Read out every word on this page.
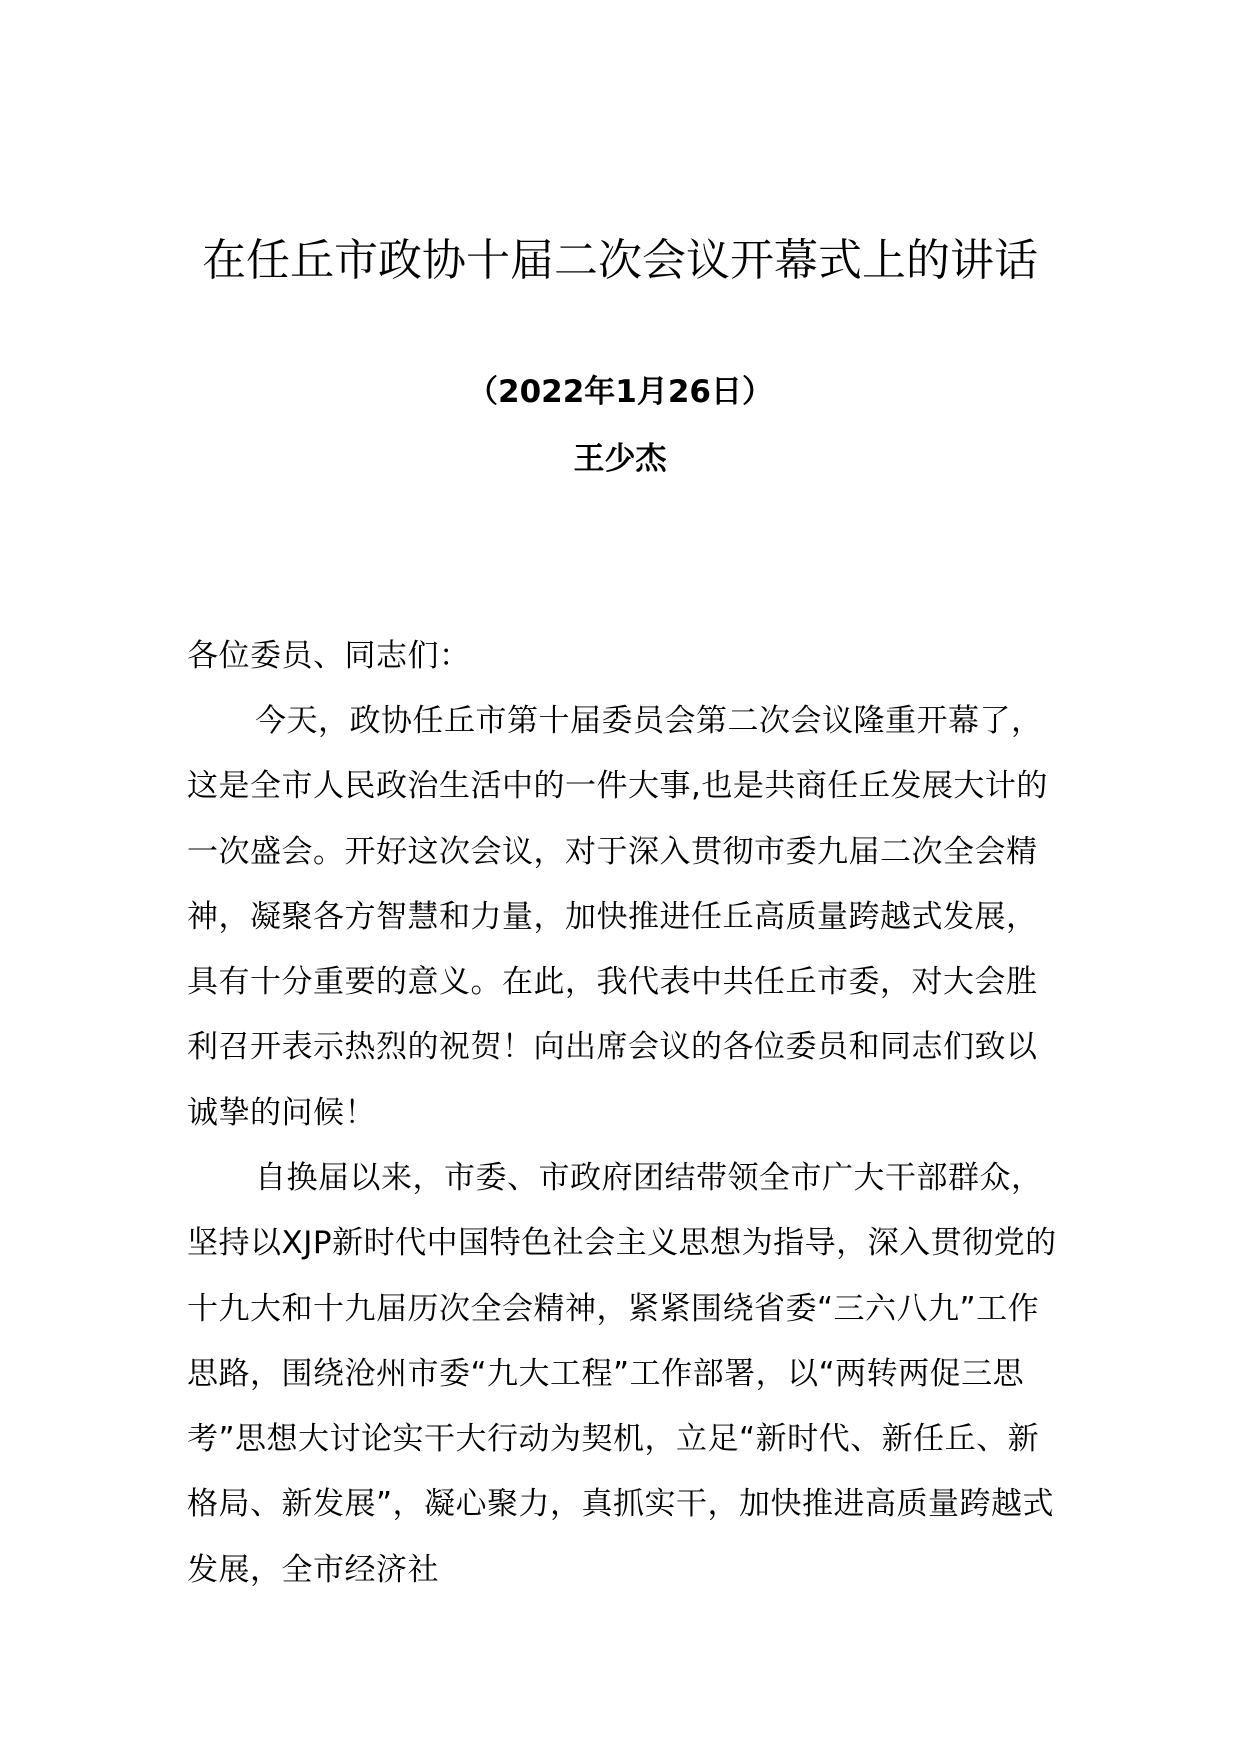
在任丘市政协十届二次会议开幕式上的讲话
（2022年1月26日）
王少杰

各位委员、同志们：

今天，政协任丘市第十届委员会第二次会议隆重开幕了，这是全市人民政治生活中的一件大事,也是共商任丘发展大计的一次盛会。开好这次会议，对于深入贯彻市委九届二次全会精神，凝聚各方智慧和力量，加快推进任丘高质量跨越式发展，具有十分重要的意义。在此，我代表中共任丘市委，对大会胜利召开表示热烈的祝贺！向出席会议的各位委员和同志们致以诚挚的问候！

自换届以来，市委、市政府团结带领全市广大干部群众，坚持以XJP新时代中国特色社会主义思想为指导，深入贯彻党的十九大和十九届历次全会精神，紧紧围绕省委“三六八九”工作思路，围绕沧州市委“九大工程”工作部署，以“两转两促三思考”思想大讨论实干大行动为契机，立足“新时代、新任丘、新格局、新发展”，凝心聚力，真抓实干，加快推进高质量跨越式发展，全市经济社
